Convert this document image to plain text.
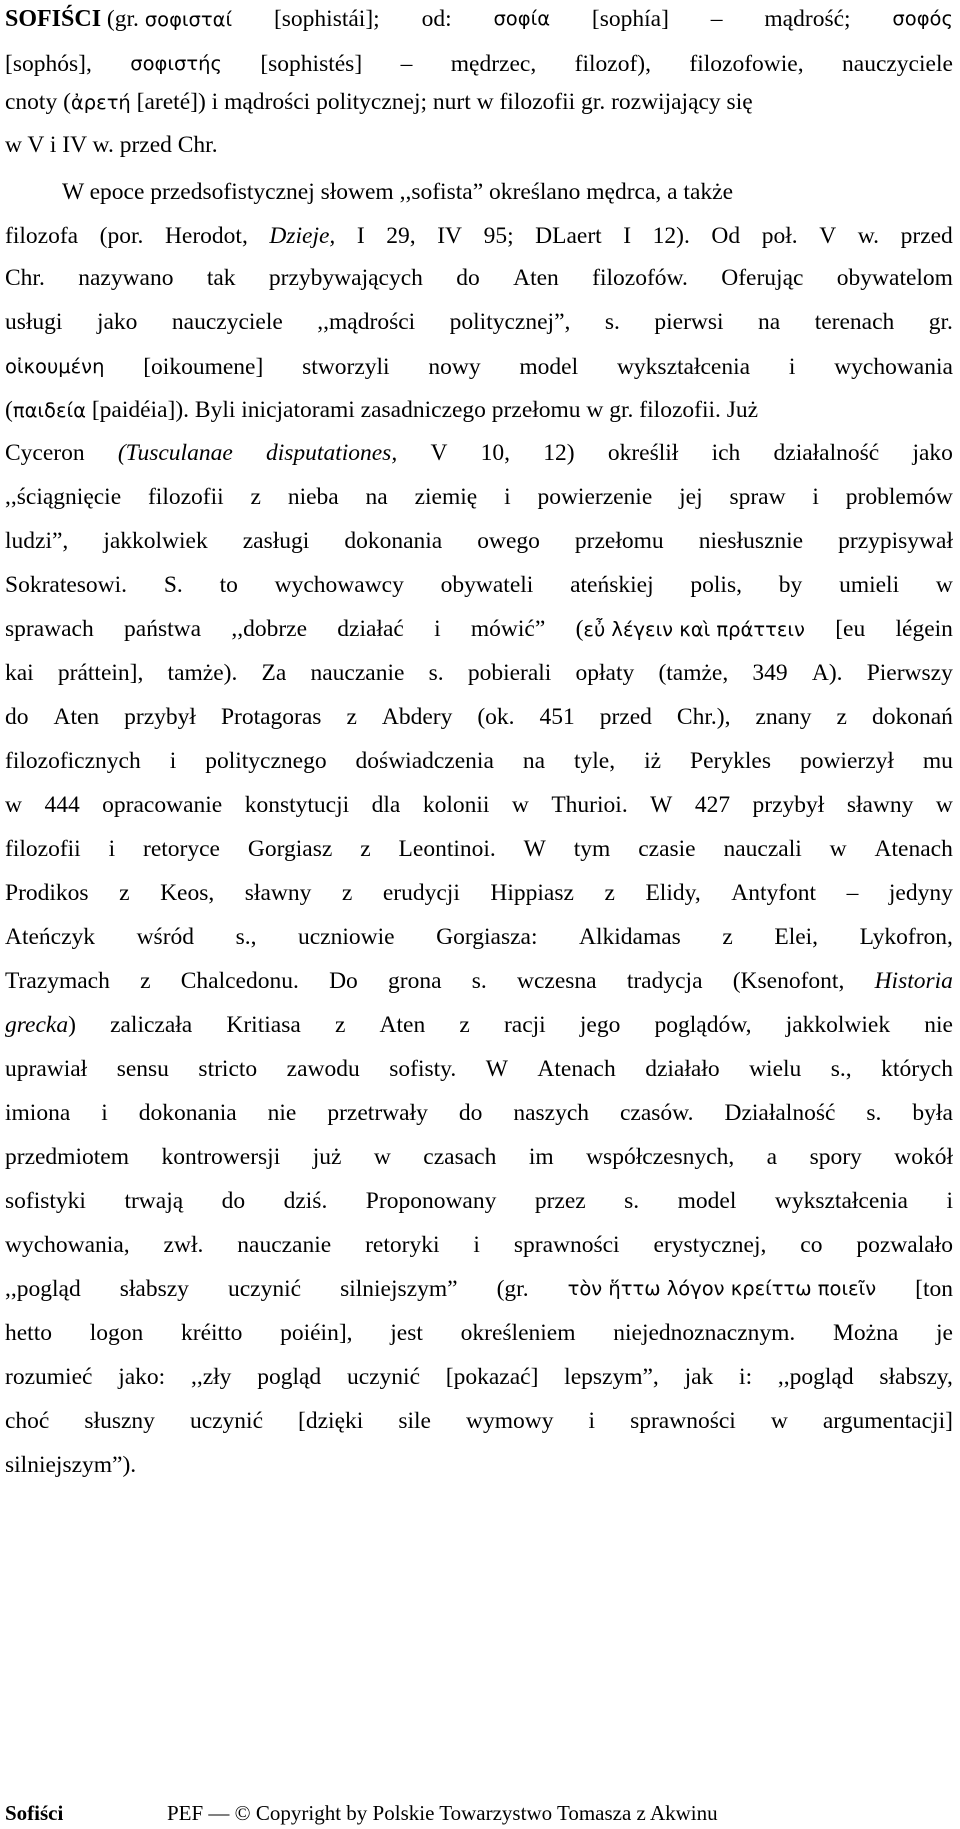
SOFIŚCI (gr. σοφισταί [sophistái]; od: σοφία [sophía] – mądrość; σοφός
[sophós], σοφιστής [sophistés] – mędrzec, filozof), filozofowie, nauczyciele
cnoty (ἀρετή [areté]) i mądrości politycznej; nurt w filozofii gr. rozwijający się
w V i IV w. przed Chr.
W epoce przedsofistycznej słowem ,,sofista” określano mędrca, a także
filozofa (por. Herodot, Dzieje, I 29, IV 95; DLaert I 12). Od poł. V w. przed
Chr. nazywano tak przybywających do Aten filozofów. Oferując obywatelom
usługi jako nauczyciele ,,mądrości politycznej”, s. pierwsi na terenach gr.
οἰκουμένη [oikoumene] stworzyli nowy model wykształcenia i wychowania
(παιδεία [paidéia]). Byli inicjatorami zasadniczego przełomu w gr. filozofii. Już
Cyceron (Tusculanae disputationes, V 10, 12) określił ich działalność jako
,,ściągnięcie filozofii z nieba na ziemię i powierzenie jej spraw i problemów
ludzi”, jakkolwiek zasługi dokonania owego przełomu niesłusznie przypisywał
Sokratesowi. S. to wychowawcy obywateli ateńskiej polis, by umieli w
sprawach państwa ,,dobrze działać i mówić” (εὖ λέγειν καὶ πράττειν [eu légein
kai práttein], tamże). Za nauczanie s. pobierali opłaty (tamże, 349 A). Pierwszy
do Aten przybył Protagoras z Abdery (ok. 451 przed Chr.), znany z dokonań
filozoficznych i politycznego doświadczenia na tyle, iż Perykles powierzył mu
w 444 opracowanie konstytucji dla kolonii w Thurioi. W 427 przybył sławny w
filozofii i retoryce Gorgiasz z Leontinoi. W tym czasie nauczali w Atenach
Prodikos z Keos, sławny z erudycji Hippiasz z Elidy, Antyfont – jedyny
Ateńczyk wśród s., uczniowie Gorgiasza: Alkidamas z Elei, Lykofron,
Trazymach z Chalcedonu. Do grona s. wczesna tradycja (Ksenofont, Historia
grecka) zaliczała Kritiasa z Aten z racji jego poglądów, jakkolwiek nie
uprawiał sensu stricto zawodu sofisty. W Atenach działało wielu s., których
imiona i dokonania nie przetrwały do naszych czasów. Działalność s. była
przedmiotem kontrowersji już w czasach im współczesnych, a spory wokół
sofistyki trwają do dziś. Proponowany przez s. model wykształcenia i
wychowania, zwł. nauczanie retoryki i sprawności erystycznej, co pozwalało
,,pogląd słabszy uczynić silniejszym” (gr. τὸν ἥττω λόγον κρείττω ποιεῖν [ton
hetto logon kréitto poiéin], jest określeniem niejednoznacznym. Można je
rozumieć jako: ,,zły pogląd uczynić [pokazać] lepszym”, jak i: ,,pogląd słabszy,
choć słuszny uczynić [dzięki sile wymowy i sprawności w argumentacji]
silniejszym”).
Sofiści	PEF — © Copyright by Polskie Towarzystwo Tomasza z Akwinu
